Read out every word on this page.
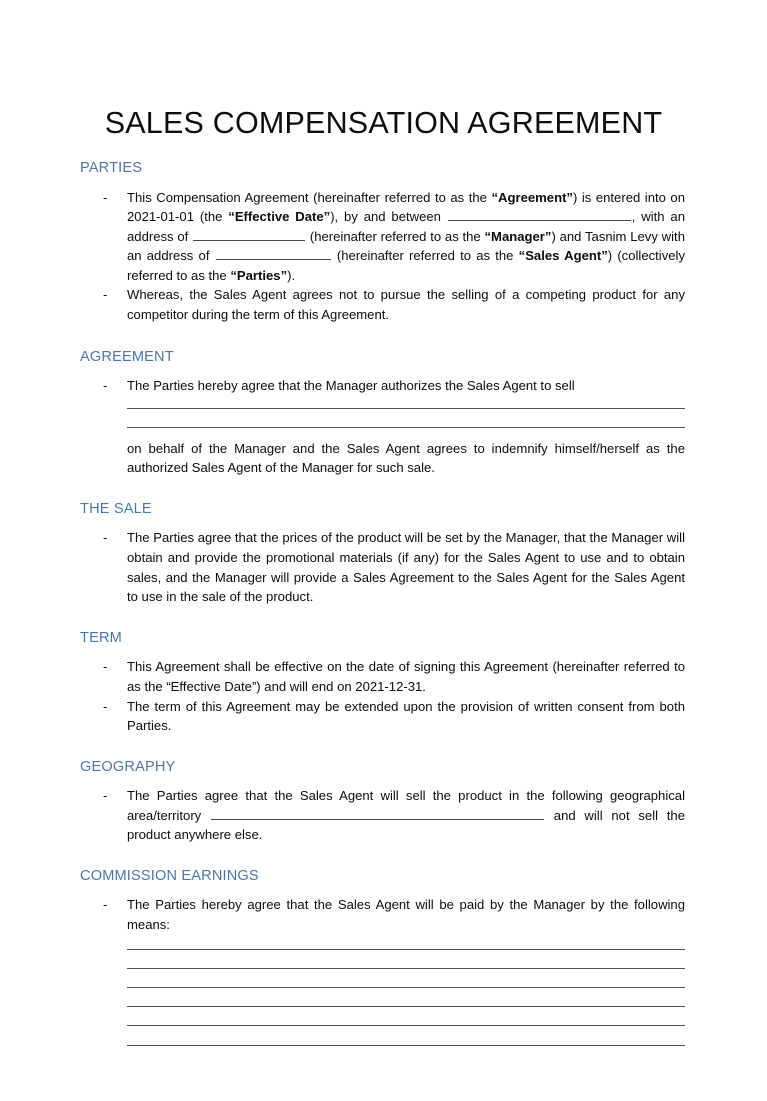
SALES COMPENSATION AGREEMENT
PARTIES
- This Compensation Agreement (hereinafter referred to as the “Agreement”) is entered into on 2021-01-01 (the “Effective Date”), by and between	, with an address of	(hereinafter referred to as the “Manager”) and Tasnim Levy with an address of	(hereinafter referred to as the “Sales Agent”) (collectively referred to as the “Parties”).
- Whereas, the Sales Agent agrees not to pursue the selling of a competing product for any competitor during the term of this Agreement.
AGREEMENT
- The Parties hereby agree that the Manager authorizes the Sales Agent to sell
on behalf of the Manager and the Sales Agent agrees to indemnify himself/herself as the authorized Sales Agent of the Manager for such sale.
THE SALE
- The Parties agree that the prices of the product will be set by the Manager, that the Manager will obtain and provide the promotional materials (if any) for the Sales Agent to use and to obtain sales, and the Manager will provide a Sales Agreement to the Sales Agent for the Sales Agent to use in the sale of the product.
TERM
- This Agreement shall be effective on the date of signing this Agreement (hereinafter referred to as the “Effective Date”) and will end on 2021-12-31.
- The term of this Agreement may be extended upon the provision of written consent from both Parties.
GEOGRAPHY
- The Parties agree that the Sales Agent will sell the product in the following geographical area/territory	and will not sell the product anywhere else.
COMMISSION EARNINGS
- The Parties hereby agree that the Sales Agent will be paid by the Manager by the following means:
